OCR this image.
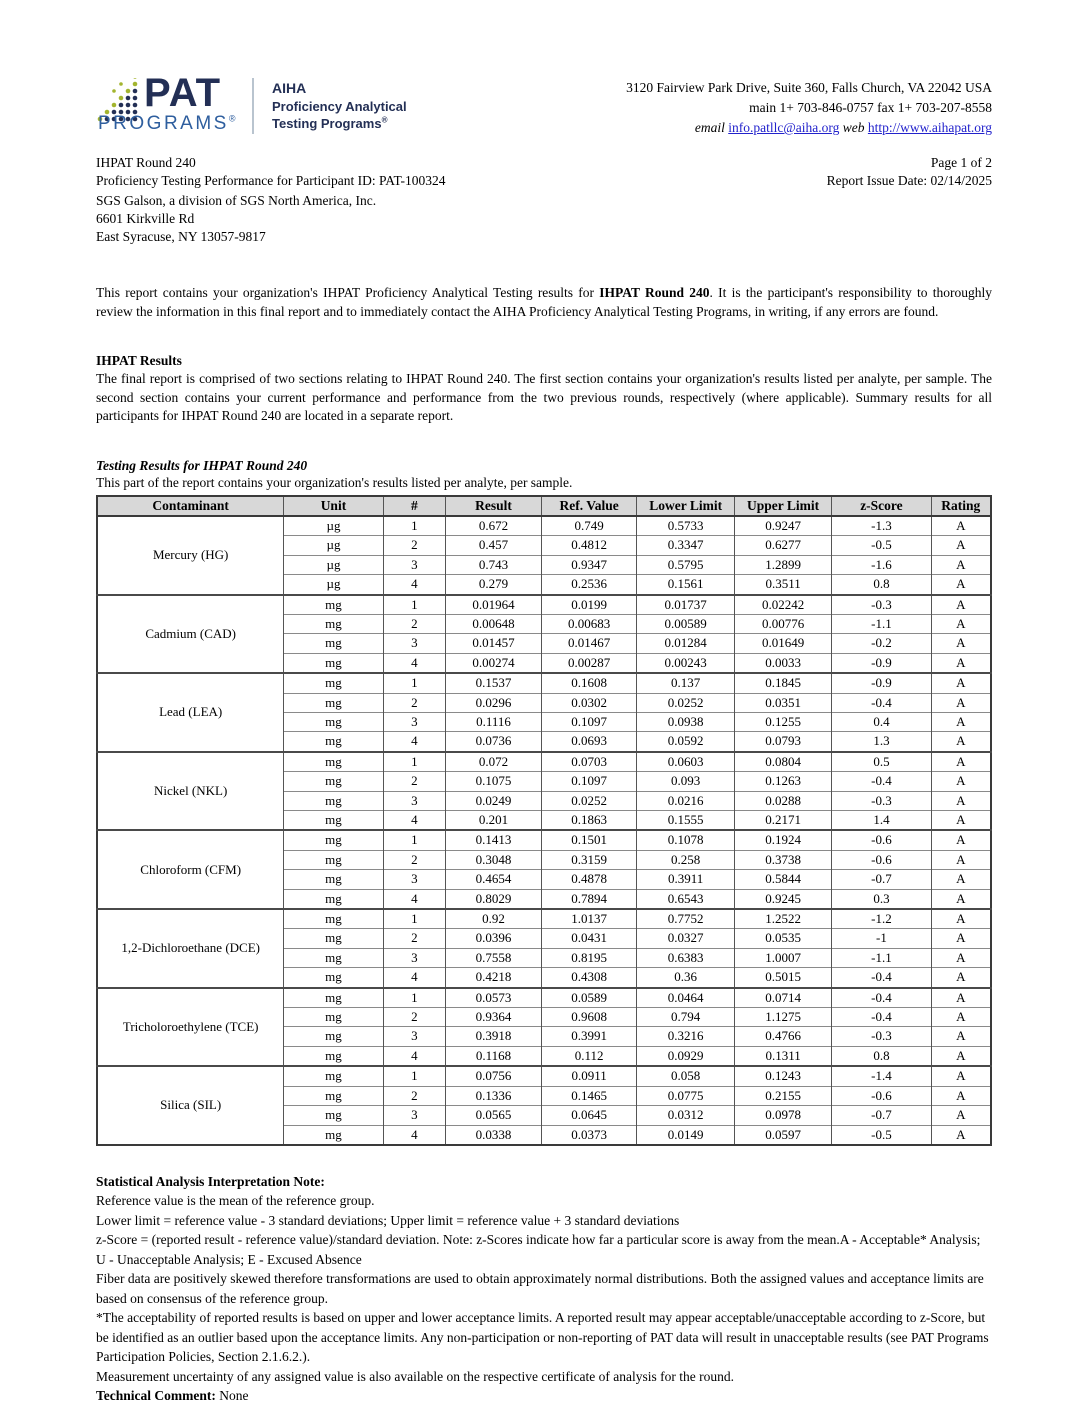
PAT
PROGRAMS®
AIHA
Proficiency Analytical
Testing Programs®
3120 Fairview Park Drive, Suite 360, Falls Church, VA 22042 USA
main 1+ 703-846-0757 fax 1+ 703-207-8558
email info.patllc@aiha.org web http://www.aihapat.org
IHPAT Round 240
Proficiency Testing Performance for Participant ID: PAT-100324
Page 1 of 2
Report Issue Date: 02/14/2025
SGS Galson, a division of SGS North America, Inc.
6601 Kirkville Rd
East Syracuse, NY 13057-9817

This report contains your organization's IHPAT Proficiency Analytical Testing results for IHPAT Round 240. It is the participant's responsibility to thoroughly review the information in this final report and to immediately contact the AIHA Proficiency Analytical Testing Programs, in writing, if any errors are found.

IHPAT Results

The final report is comprised of two sections relating to IHPAT Round 240. The first section contains your organization's results listed per analyte, per sample. The second section contains your current performance and performance from the two previous rounds, respectively (where applicable). Summary results for all participants for IHPAT Round 240 are located in a separate report.

Testing Results for IHPAT Round 240
This part of the report contains your organization's results listed per analyte, per sample.
Contaminant	Unit	#	Result	Ref. Value	Lower Limit	Upper Limit	z-Score	Rating
Mercury (HG)	µg	1	0.672	0.749	0.5733	0.9247	-1.3	A
	µg	2	0.457	0.4812	0.3347	0.6277	-0.5	A
	µg	3	0.743	0.9347	0.5795	1.2899	-1.6	A
	µg	4	0.279	0.2536	0.1561	0.3511	0.8	A
Cadmium (CAD)	mg	1	0.01964	0.0199	0.01737	0.02242	-0.3	A
	mg	2	0.00648	0.00683	0.00589	0.00776	-1.1	A
	mg	3	0.01457	0.01467	0.01284	0.01649	-0.2	A
	mg	4	0.00274	0.00287	0.00243	0.0033	-0.9	A
Lead (LEA)	mg	1	0.1537	0.1608	0.137	0.1845	-0.9	A
	mg	2	0.0296	0.0302	0.0252	0.0351	-0.4	A
	mg	3	0.1116	0.1097	0.0938	0.1255	0.4	A
	mg	4	0.0736	0.0693	0.0592	0.0793	1.3	A
Nickel (NKL)	mg	1	0.072	0.0703	0.0603	0.0804	0.5	A
	mg	2	0.1075	0.1097	0.093	0.1263	-0.4	A
	mg	3	0.0249	0.0252	0.0216	0.0288	-0.3	A
	mg	4	0.201	0.1863	0.1555	0.2171	1.4	A
Chloroform (CFM)	mg	1	0.1413	0.1501	0.1078	0.1924	-0.6	A
	mg	2	0.3048	0.3159	0.258	0.3738	-0.6	A
	mg	3	0.4654	0.4878	0.3911	0.5844	-0.7	A
	mg	4	0.8029	0.7894	0.6543	0.9245	0.3	A
1,2-Dichloroethane (DCE)	mg	1	0.92	1.0137	0.7752	1.2522	-1.2	A
	mg	2	0.0396	0.0431	0.0327	0.0535	-1	A
	mg	3	0.7558	0.8195	0.6383	1.0007	-1.1	A
	mg	4	0.4218	0.4308	0.36	0.5015	-0.4	A
Tricholoroethylene (TCE)	mg	1	0.0573	0.0589	0.0464	0.0714	-0.4	A
	mg	2	0.9364	0.9608	0.794	1.1275	-0.4	A
	mg	3	0.3918	0.3991	0.3216	0.4766	-0.3	A
	mg	4	0.1168	0.112	0.0929	0.1311	0.8	A
Silica (SIL)	mg	1	0.0756	0.0911	0.058	0.1243	-1.4	A
	mg	2	0.1336	0.1465	0.0775	0.2155	-0.6	A
	mg	3	0.0565	0.0645	0.0312	0.0978	-0.7	A
	mg	4	0.0338	0.0373	0.0149	0.0597	-0.5	A

Statistical Analysis Interpretation Note:

Reference value is the mean of the reference group.

Lower limit = reference value - 3 standard deviations; Upper limit = reference value + 3 standard deviations

z-Score = (reported result - reference value)/standard deviation. Note: z-Scores indicate how far a particular score is away from the mean.A - Acceptable* Analysis; U - Unacceptable Analysis; E - Excused Absence

Fiber data are positively skewed therefore transformations are used to obtain approximately normal distributions. Both the assigned values and acceptance limits are based on consensus of the reference group.

*The acceptability of reported results is based on upper and lower acceptance limits. A reported result may appear acceptable/unacceptable according to z-Score, but be identified as an outlier based upon the acceptance limits. Any non-participation or non-reporting of PAT data will result in unacceptable results (see PAT Programs Participation Policies, Section 2.1.6.2.).

Measurement uncertainty of any assigned value is also available on the respective certificate of analysis for the round.

Technical Comment: None
